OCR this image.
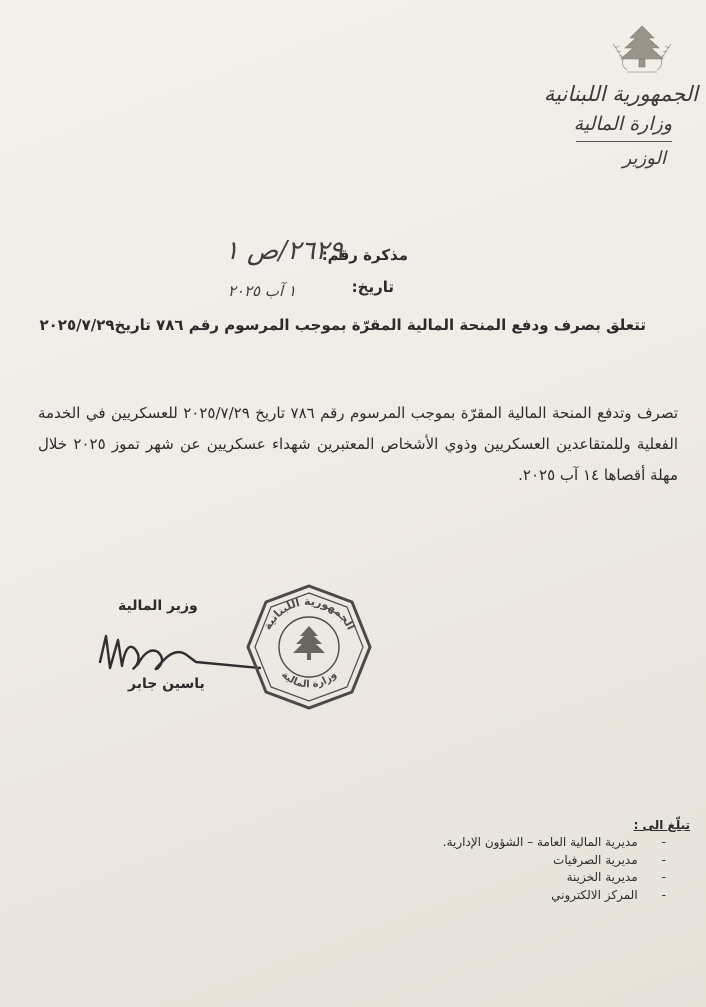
الجمهورية اللبنانية
وزارة المالية
الوزير
مذكرة رقم:
٢٦٢٩/ص ١
تاريخ:
١ آب ٢٠٢٥
تتعلق بصرف ودفع المنحة المالية المقرّة بموجب المرسوم رقم ٧٨٦ تاريخ٢٠٢٥/٧/٢٩
تصرف وتدفع المنحة المالية المقرّة بموجب المرسوم رقم ٧٨٦ تاريخ ٢٠٢٥/٧/٢٩ للعسكريين في الخدمة الفعلية وللمتقاعدين العسكريين وذوي الأشخاص المعتبرين شهداء عسكريين عن شهر تموز ٢٠٢٥ خلال مهلة أقصاها ١٤ آب ٢٠٢٥.
وزير المالية
ياسين جابر
الجمهورية اللبنانية
وزارة المالية
تبلّغ الى :
-مديرية المالية العامة – الشؤون الإدارية.
-مديرية الصرفيات
-مديرية الخزينة
-المركز الالكتروني
